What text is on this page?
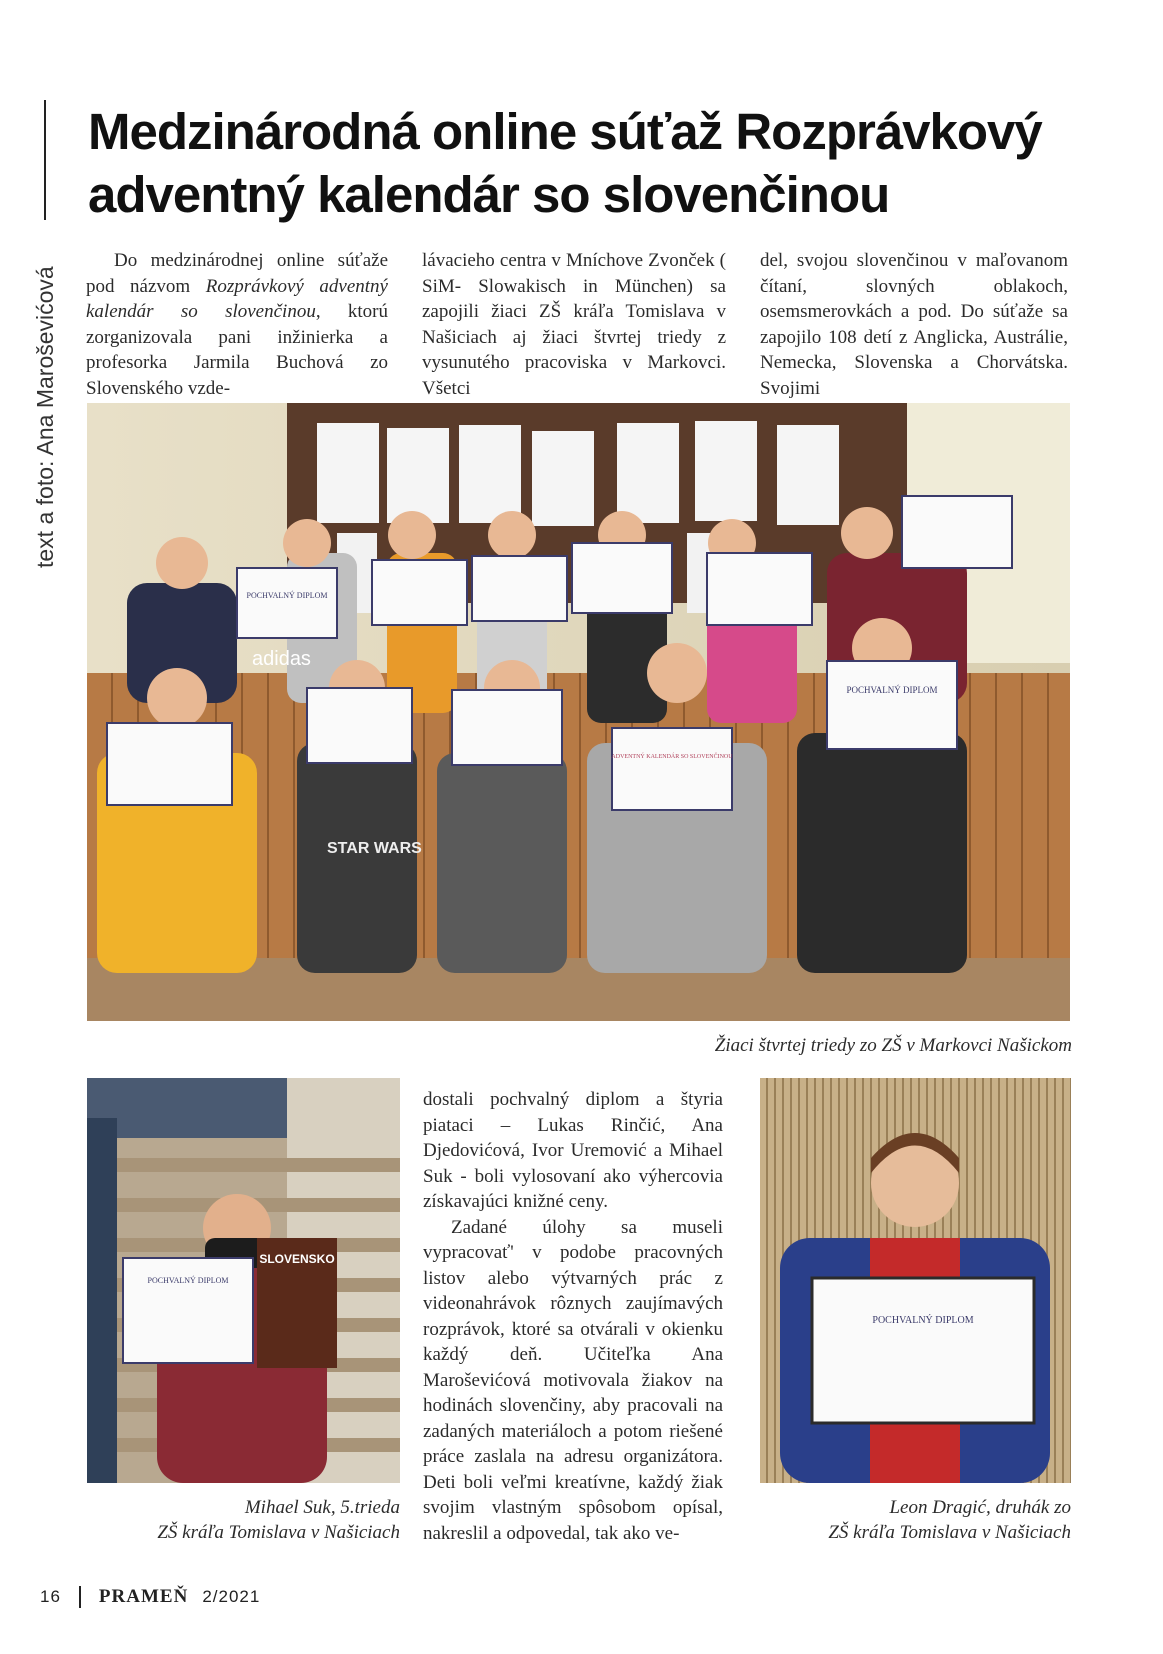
text a foto: Ana Maroševićová
Medzinárodná online súťaž Rozprávkový adventný kalendár so slovenčinou

Do medzinárodnej online súťaže pod názvom Rozprávkový adventný kalendár so slovenčinou, ktorú zorganizovala pani inžinierka a profesorka Jarmila Buchová zo Slovenského vzde-

lávacieho centra v Mníchove Zvonček ( SiM- Slowakisch in München) sa zapojili žiaci ZŠ kráľa Tomislava v Našiciach aj žiaci štvrtej triedy z vysunutého pracoviska v Markovci. Všetci

del, svojou slovenčinou v maľovanom čítaní, slovných oblakoch, osemsmerovkách a pod. Do súťaže sa zapojilo 108 detí z Anglicka, Austrálie, Nemecka, Slovenska a Chorvátska. Svojimi

POCHVALNÝ DIPLOM
POCHVALNÝ DIPLOM
ADVENTNÝ KALENDÁR SO SLOVENČINOU
adidas
STAR WARS
Žiaci štvrtej triedy zo ZŠ v Markovci Našickom
POCHVALNÝ DIPLOM
SLOVENSKO
Mihael Suk, 5.trieda
ZŠ kráľa Tomislava v Našiciach

dostali pochvalný diplom a štyria piataci – Lukas Rinčić, Ana Djedovićová, Ivor Uremović a Mihael Suk - boli vylosovaní ako výhercovia získavajúci knižné ceny.

Zadané úlohy sa museli vypracovať' v podobe pracovných listov alebo výtvarných prác z videonahrávok rôznych zaujímavých rozprávok, ktoré sa otvárali v okienku každý deň. Učiteľka Ana Maroševićová motivovala žiakov na hodinách slovenčiny, aby pracovali na zadaných materiáloch a potom riešené práce zaslala na adresu organizátora. Deti boli veľmi kreatívne, každý žiak svojim vlastným spôsobom opísal, nakreslil a odpovedal, tak ako ve-

POCHVALNÝ DIPLOM
Leon Dragić, druhák zo
ZŠ kráľa Tomislava v Našiciach
16 PRAMEŇ 2/2021
